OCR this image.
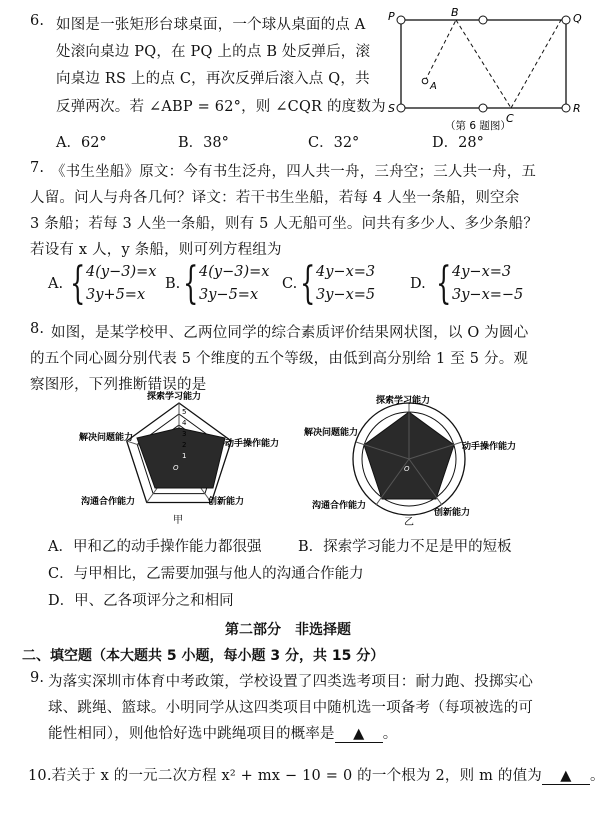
6. 如图是一张矩形台球桌面，一个球从桌面的点 A
处滚向桌边 PQ，在 PQ 上的点 B 处反弹后，滚
向桌边 RS 上的点 C，再次反弹后滚入点 Q，共
反弹两次。若 ∠ABP = 62°，则 ∠CQR 的度数为
P	B	Q
S
C
R
A
（第 6 题图）
A．62°	B．38°	C．32°	D．28°
7. 《书生坐船》原文：今有书生泛舟，四人共一舟，三舟空；三人共一舟，五
人留。问人与舟各几何？译文：若干书生坐船，若每 4 人坐一条船，则空余
3 条船；若每 3 人坐一条船，则有 5 人无船可坐。问共有多少人、多少条船？
若设有 x 人，y 条船，则可列方程组为
A. { 4(y−3)=x
3y+5=x
B. { 4(y−3)=x
3y−5=x
C. { 4y−x=3
3y−x=5
D. { 4y−x=3
3y−x=−5
8. 如图，是某学校甲、乙两位同学的综合素质评价结果网状图，以 O 为圆心
的五个同心圆分别代表 5 个维度的五个等级，由低到高分别给 1 至 5 分。观
察图形，下列推断错误的是
探索学习能力
动手操作能力
创新能力
沟通合作能力
解决问题能力
1
2
3
4
5
O
甲
探索学习能力
动手操作能力
创新能力
沟通合作能力
解决问题能力
O
乙
A．甲和乙的动手操作能力都很强	B．探索学习能力不足是甲的短板
C．与甲相比，乙需要加强与他人的沟通合作能力
D．甲、乙各项评分之和相同
第二部分　非选择题
二、填空题（本大题共 5 小题，每小题 3 分，共 15 分）
9. 为落实深圳市体育中考政策，学校设置了四类选考项目：耐力跑、投掷实心
球、跳绳、篮球。小明同学从这四类项目中随机选一项备考（每项被选的可
能性相同），则他恰好选中跳绳项目的概率是 ▲ 。
10.若关于 x 的一元二次方程 x² + mx − 10 = 0 的一个根为 2，则 m 的值为 ▲ 。
